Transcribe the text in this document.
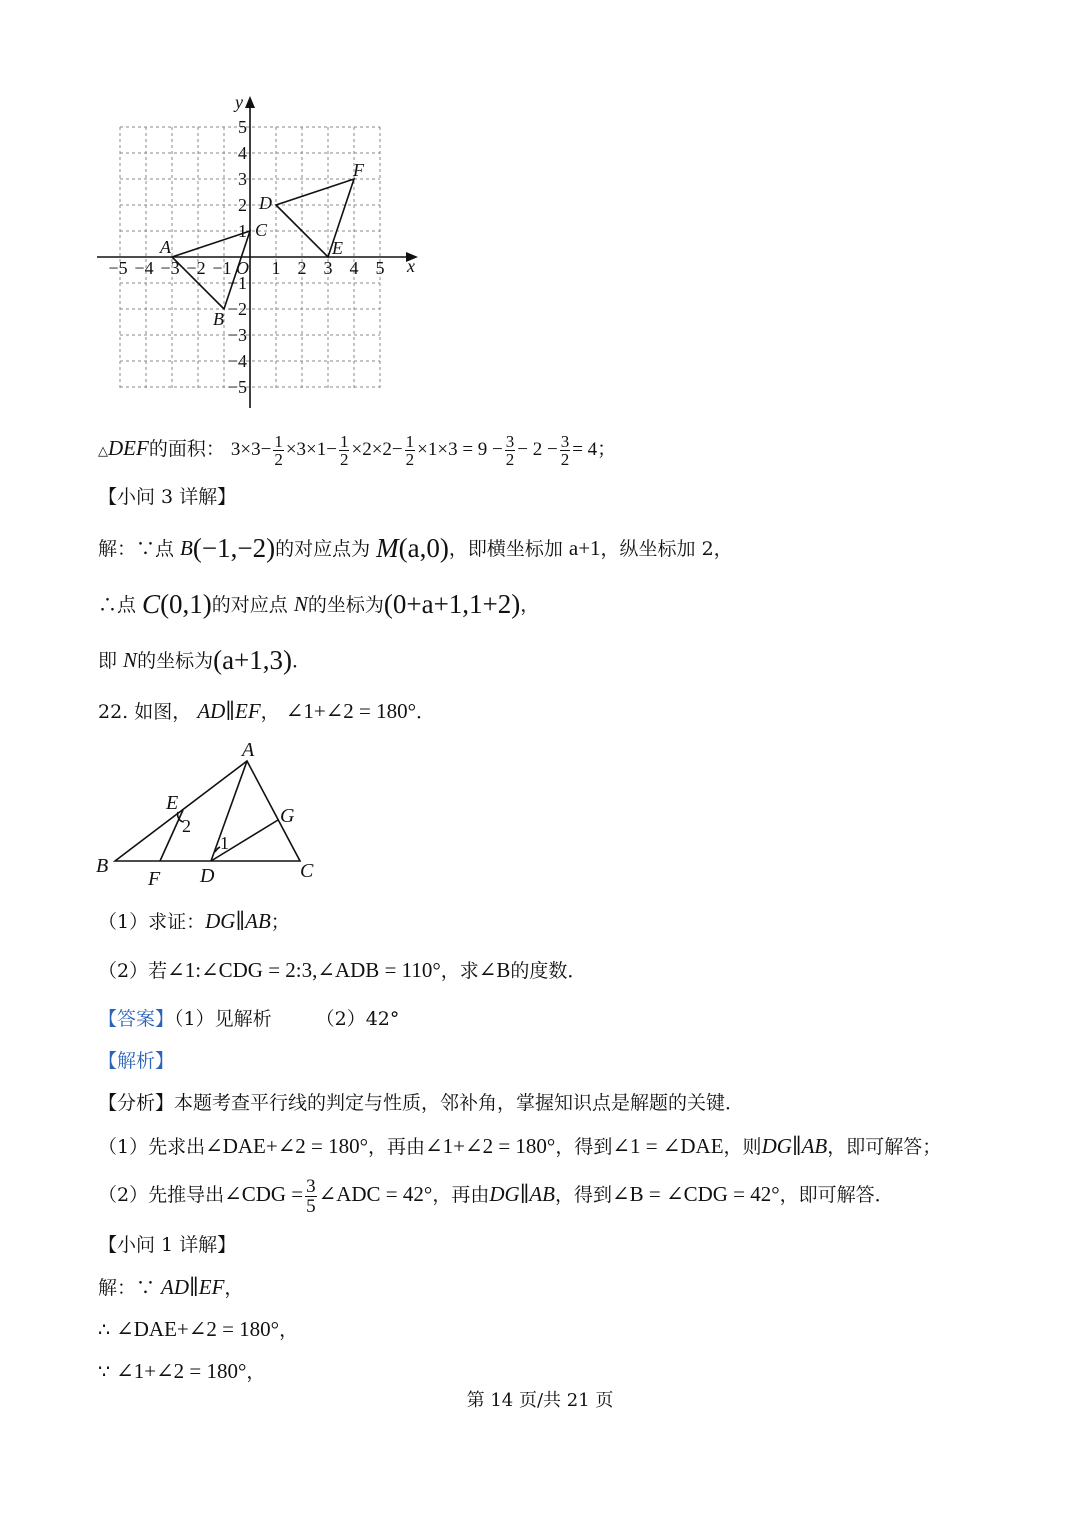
y
x
O
5
4
3
2
1
−1
−2
−3
−4
−5
−5 −4 −3 −2 −1 1 2 3 4 5
A
B
C
D
E
F
△DEF的面积： $3\times 3- \frac{1}{2} \times 3\times 1- \frac{1}{2} \times 2\times 2- \frac{1}{2} \times 1\times 3 = 9 - \frac{3}{2} - 2 - \frac{3}{2} = 4$；
【小问 3 详解】
解：∵点 B(−1,−2)的对应点为 M(a,0)，即横坐标加 a+1，纵坐标加 2，
∴点 C(0,1)的对应点 N的坐标为(0+a+1,1+2)，
即 N的坐标为(a+1,3)．
22. 如图， AD∥EF， ∠1+∠2 = 180°．
A
B	C
D
E
F
G
1
2
（1）求证：DG∥AB；
（2）若∠1:∠CDG = 2:3,∠ADB = 110°，求∠B的度数．
【答案】（1）见解析 （2）42°
【解析】
【分析】本题考查平行线的判定与性质，邻补角，掌握知识点是解题的关键．
（1）先求出∠DAE+∠2 = 180°，再由∠1+∠2 = 180°，得到∠1 = ∠DAE，则DG∥AB，即可解答；
（2）先推导出∠CDG = $\frac{3}{5}$ ∠ADC = 42°，再由DG∥AB，得到∠B = ∠CDG = 42°，即可解答．
【小问 1 详解】
解：∵ AD∥EF，
∴ ∠DAE+∠2 = 180°，
∵ ∠1+∠2 = 180°，
第 14 页/共 21 页
